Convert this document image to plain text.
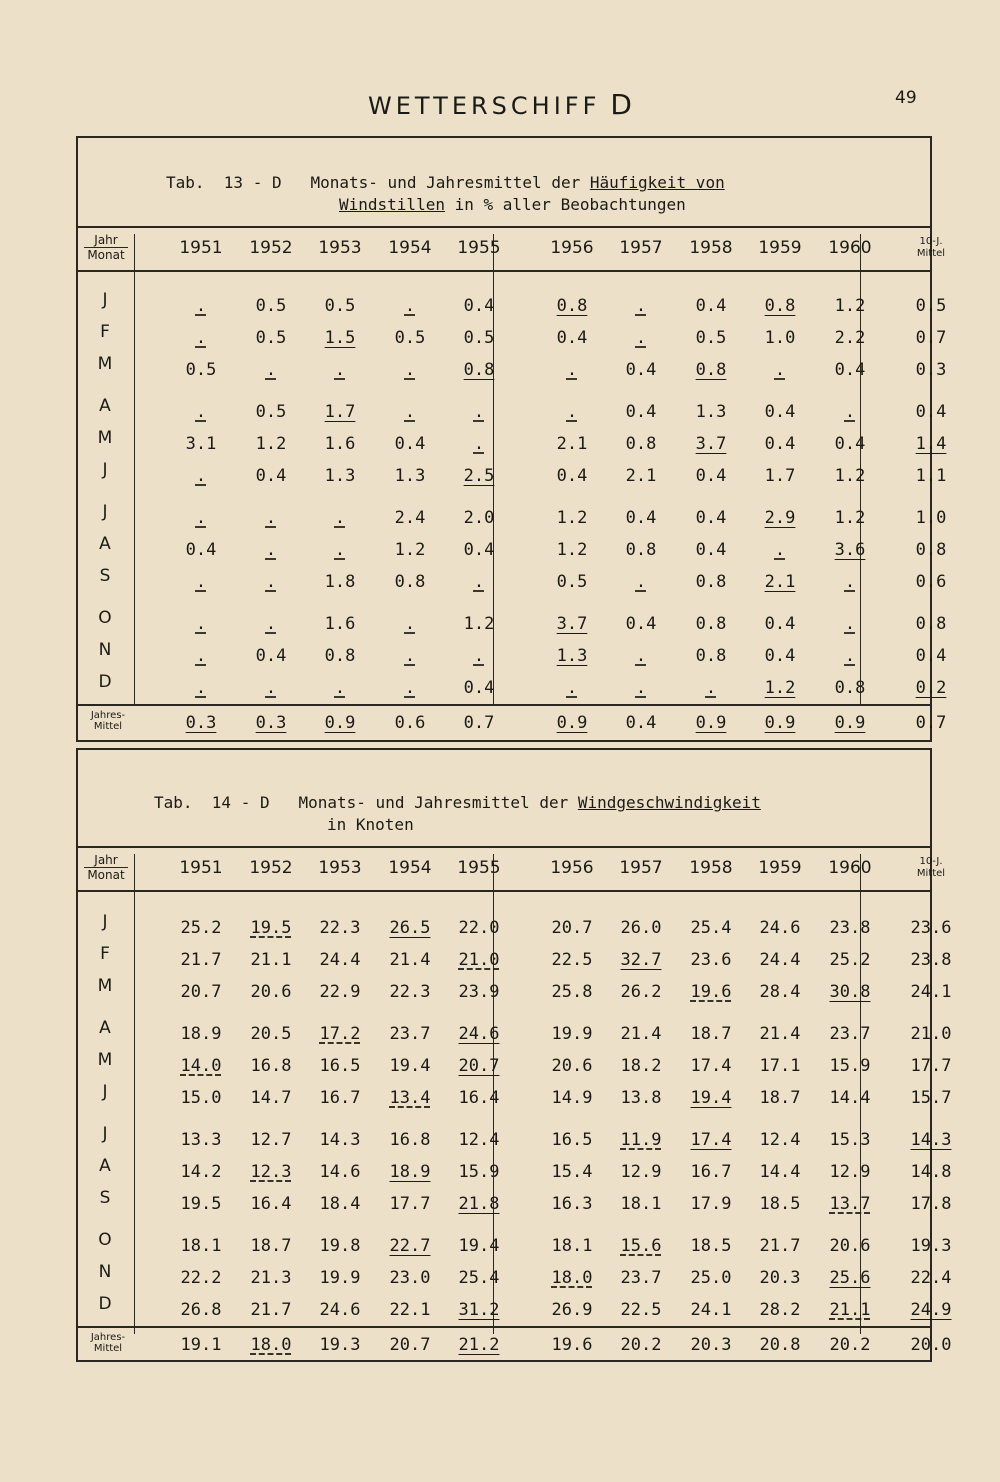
WETTERSCHIFF D	49
Tab.  13 - D   Monats- und Jahresmittel der Häufigkeit von
Windstillen in % aller Beobachtungen
Jahr
Monat	1951	1952	1953	1954	1955	1956	1957	1958	1959	1960	10-J.
Mittel
J	.	0.5	0.5	.	0.4	0.8	.	0.4	0.8	1.2	0.5
F	.	0.5	1.5	0.5	0.5	0.4	.	0.5	1.0	2.2	0.7
M	0.5	.	.	.	0.8	.	0.4	0.8	.	0.4	0.3
A	.	0.5	1.7	.	.	.	0.4	1.3	0.4	.	0.4
M	3.1	1.2	1.6	0.4	.	2.1	0.8	3.7	0.4	0.4	1.4
J	.	0.4	1.3	1.3	2.5	0.4	2.1	0.4	1.7	1.2	1.1
J	.	.	.	2.4	2.0	1.2	0.4	0.4	2.9	1.2	1.0
A	0.4	.	.	1.2	0.4	1.2	0.8	0.4	.	3.6	0.8
S	.	.	1.8	0.8	.	0.5	.	0.8	2.1	.	0.6
O	.	.	1.6	.	1.2	3.7	0.4	0.8	0.4	.	0.8
N	.	0.4	0.8	.	.	1.3	.	0.8	0.4	.	0.4
D	.	.	.	.	0.4	.	.	.	1.2	0.8	0.2
Jahres-
Mittel	0.3	0.3	0.9	0.6	0.7	0.9	0.4	0.9	0.9	0.9	0.7
Tab.  14 - D   Monats- und Jahresmittel der Windgeschwindigkeit
in Knoten
Jahr
Monat	1951	1952	1953	1954	1955	1956	1957	1958	1959	1960	10-J.
Mittel
J	25.2	19.5	22.3	26.5	22.0	20.7	26.0	25.4	24.6	23.8	23.6
F	21.7	21.1	24.4	21.4	21.0	22.5	32.7	23.6	24.4	25.2	23.8
M	20.7	20.6	22.9	22.3	23.9	25.8	26.2	19.6	28.4	30.8	24.1
A	18.9	20.5	17.2	23.7	24.6	19.9	21.4	18.7	21.4	23.7	21.0
M	14.0	16.8	16.5	19.4	20.7	20.6	18.2	17.4	17.1	15.9	17.7
J	15.0	14.7	16.7	13.4	16.4	14.9	13.8	19.4	18.7	14.4	15.7
J	13.3	12.7	14.3	16.8	12.4	16.5	11.9	17.4	12.4	15.3	14.3
A	14.2	12.3	14.6	18.9	15.9	15.4	12.9	16.7	14.4	12.9	14.8
S	19.5	16.4	18.4	17.7	21.8	16.3	18.1	17.9	18.5	13.7	17.8
O	18.1	18.7	19.8	22.7	19.4	18.1	15.6	18.5	21.7	20.6	19.3
N	22.2	21.3	19.9	23.0	25.4	18.0	23.7	25.0	20.3	25.6	22.4
D	26.8	21.7	24.6	22.1	31.2	26.9	22.5	24.1	28.2	21.1	24.9
Jahres-
Mittel	19.1	18.0	19.3	20.7	21.2	19.6	20.2	20.3	20.8	20.2	20.0
